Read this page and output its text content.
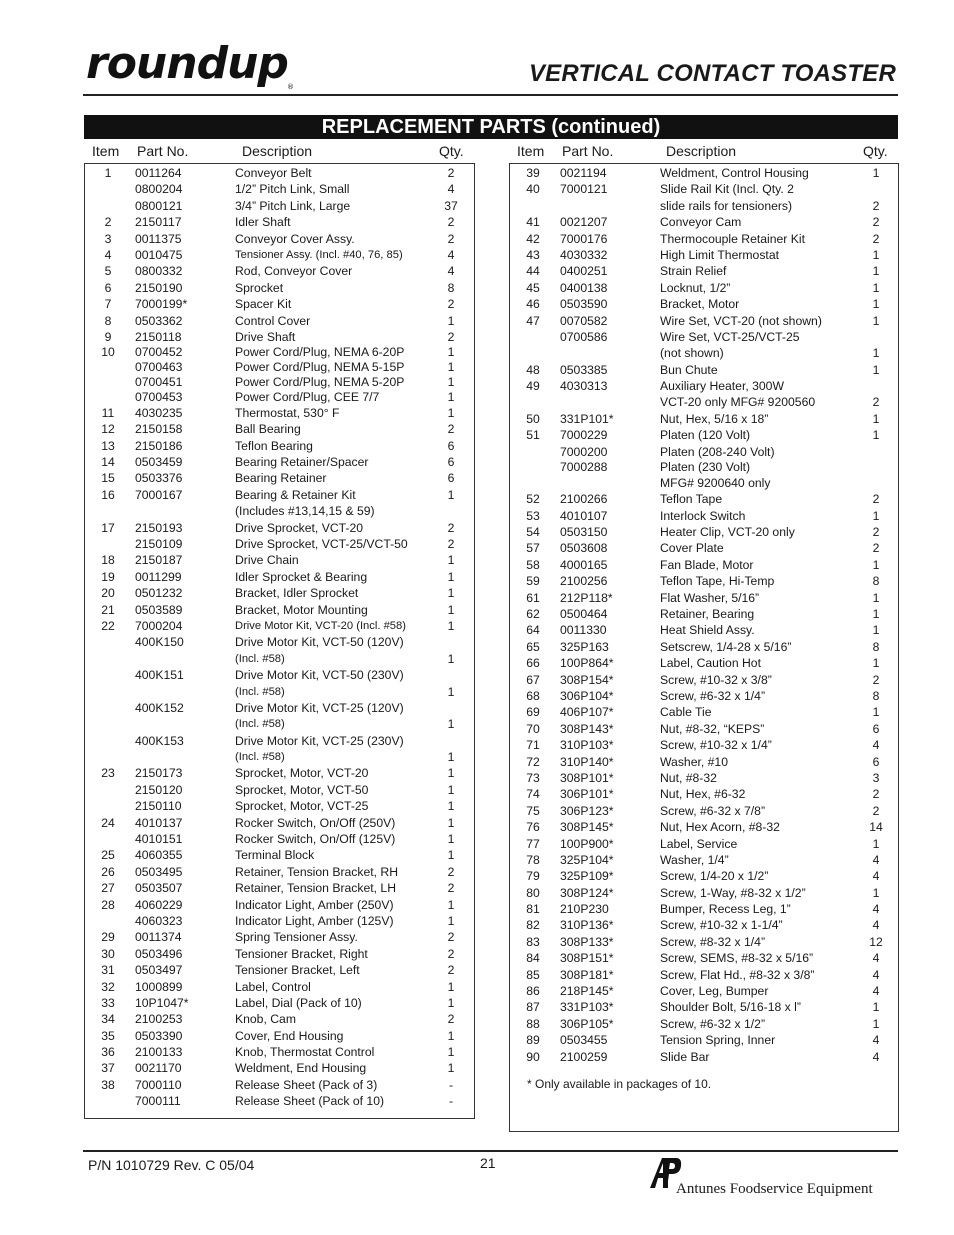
roundup ®	VERTICAL CONTACT TOASTER
REPLACEMENT PARTS (continued)
Item Part No.	Description	Qty.	Item Part No.	Description	Qty.
1	0011264	Conveyor Belt	2
0800204	1/2” Pitch Link, Small	4
0800121	3/4” Pitch Link, Large	37
2	2150117	Idler Shaft	2
3	0011375	Conveyor Cover Assy.	2
4	0010475	Tensioner Assy. (Incl. #40, 76, 85)	4
5	0800332	Rod, Conveyor Cover	4
6	2150190	Sprocket	8
7	7000199*	Spacer Kit	2
8	0503362	Control Cover	1
9	2150118	Drive Shaft	2
10	0700452	Power Cord/Plug, NEMA 6-20P	1
0700463	Power Cord/Plug, NEMA 5-15P	1
0700451	Power Cord/Plug, NEMA 5-20P	1
0700453	Power Cord/Plug, CEE 7/7	1
11	4030235	Thermostat, 530° F	1
12	2150158	Ball Bearing	2
13	2150186	Teflon Bearing	6
14	0503459	Bearing Retainer/Spacer	6
15	0503376	Bearing Retainer	6
16	7000167	Bearing & Retainer Kit	1
(Includes #13,14,15 & 59)
17	2150193	Drive Sprocket, VCT-20	2
2150109	Drive Sprocket, VCT-25/VCT-50	2
18	2150187	Drive Chain	1
19	0011299	Idler Sprocket & Bearing	1
20	0501232	Bracket, Idler Sprocket	1
21	0503589	Bracket, Motor Mounting	1
22	7000204	Drive Motor Kit, VCT-20 (Incl. #58)	1
400K150	Drive Motor Kit, VCT-50 (120V)
(Incl. #58)	1
400K151	Drive Motor Kit, VCT-50 (230V)
(Incl. #58)	1
400K152	Drive Motor Kit, VCT-25 (120V)
(Incl. #58)	1
400K153	Drive Motor Kit, VCT-25 (230V)
(Incl. #58)	1
23	2150173	Sprocket, Motor, VCT-20	1
2150120	Sprocket, Motor, VCT-50	1
2150110	Sprocket, Motor, VCT-25	1
24	4010137	Rocker Switch, On/Off (250V)	1
4010151	Rocker Switch, On/Off (125V)	1
25	4060355	Terminal Block	1
26	0503495	Retainer, Tension Bracket, RH	2
27	0503507	Retainer, Tension Bracket, LH	2
28	4060229	Indicator Light, Amber (250V)	1
4060323	Indicator Light, Amber (125V)	1
29	0011374	Spring Tensioner Assy.	2
30	0503496	Tensioner Bracket, Right	2
31	0503497	Tensioner Bracket, Left	2
32	1000899	Label, Control	1
33	10P1047*	Label, Dial (Pack of 10)	1
34	2100253	Knob, Cam	2
35	0503390	Cover, End Housing	1
36	2100133	Knob, Thermostat Control	1
37	0021170	Weldment, End Housing	1
38	7000110	Release Sheet (Pack of 3)	-
7000111	Release Sheet (Pack of 10)	-
* Only available in packages of 10.
39	0021194	Weldment, Control Housing	1
40	7000121	Slide Rail Kit (Incl. Qty. 2
slide rails for tensioners)	2
41	0021207	Conveyor Cam	2
42	7000176	Thermocouple Retainer Kit	2
43	4030332	High Limit Thermostat	1
44	0400251	Strain Relief	1
45	0400138	Locknut, 1/2”	1
46	0503590	Bracket, Motor	1
47	0070582	Wire Set, VCT-20 (not shown)	1
0700586	Wire Set, VCT-25/VCT-25
(not shown)	1
48	0503385	Bun Chute	1
49	4030313	Auxiliary Heater, 300W
VCT-20 only MFG# 9200560	2
50	331P101*	Nut, Hex, 5/16 x 18”	1
51	7000229	Platen (120 Volt)	1
7000200	Platen (208-240 Volt)
7000288	Platen (230 Volt)
MFG# 9200640 only
52	2100266	Teflon Tape	2
53	4010107	Interlock Switch	1
54	0503150	Heater Clip, VCT-20 only	2
57	0503608	Cover Plate	2
58	4000165	Fan Blade, Motor	1
59	2100256	Teflon Tape, Hi-Temp	8
61	212P118*	Flat Washer, 5/16”	1
62	0500464	Retainer, Bearing	1
64	0011330	Heat Shield Assy.	1
65	325P163	Setscrew, 1/4-28 x 5/16”	8
66	100P864*	Label, Caution Hot	1
67	308P154*	Screw, #10-32 x 3/8”	2
68	306P104*	Screw, #6-32 x 1/4”	8
69	406P107*	Cable Tie	1
70	308P143*	Nut, #8-32, “KEPS”	6
71	310P103*	Screw, #10-32 x 1/4”	4
72	310P140*	Washer, #10	6
73	308P101*	Nut, #8-32	3
74	306P101*	Nut, Hex, #6-32	2
75	306P123*	Screw, #6-32 x 7/8”	2
76	308P145*	Nut, Hex Acorn, #8-32	14
77	100P900*	Label, Service	1
78	325P104*	Washer, 1/4”	4
79	325P109*	Screw, 1/4-20 x 1/2”	4
80	308P124*	Screw, 1-Way, #8-32 x 1/2”	1
81	210P230	Bumper, Recess Leg, 1”	4
82	310P136*	Screw, #10-32 x 1-1/4”	4
83	308P133*	Screw, #8-32 x 1/4”	12
84	308P151*	Screw, SEMS, #8-32 x 5/16”	4
85	308P181*	Screw, Flat Hd., #8-32 x 3/8”	4
86	218P145*	Cover, Leg, Bumper	4
87	331P103*	Shoulder Bolt, 5/16-18 x l”	1
88	306P105*	Screw, #6-32 x 1/2”	1
89	0503455	Tension Spring, Inner	4
90	2100259	Slide Bar	4
P/N 1010729 Rev. C 05/04	21
Antunes Foodservice Equipment
